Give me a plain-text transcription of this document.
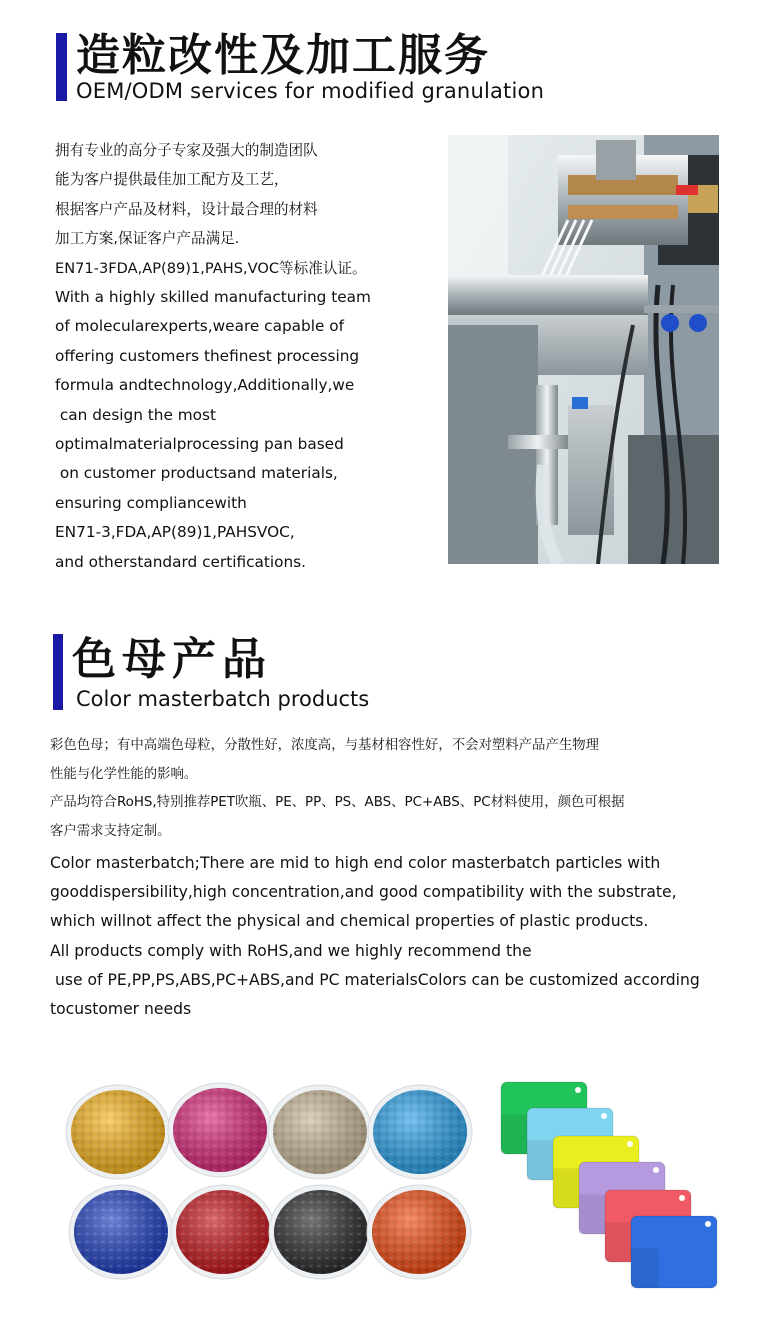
造粒改性及加工服务
OEM/ODM services for modified granulation
拥有专业的高分子专家及强大的制造团队
能为客户提供最佳加工配方及工艺，
根据客户产品及材料，设计最合理的材料
加工方案,保证客户产品满足.
EN71-3FDA,AP(89)1,PAHS,VOC等标准认证。
With a highly skilled manufacturing team
of molecularexperts,weare capable of
offering customers thefinest processing
formula andtechnology,Additionally,we
can design the most
optimalmaterialprocessing pan based
on customer productsand materials,
ensuring compliancewith
EN71-3,FDA,AP(89)1,PAHSVOC,
and otherstandard certifications.
色母产品
Color masterbatch products
彩色色母；有中高端色母粒，分散性好，浓度高，与基材相容性好，不会对塑料产品产生物理
性能与化学性能的影响。
产品均符合RoHS,特别推荐PET吹瓶、PE、PP、PS、ABS、PC+ABS、PC材料使用，颜色可根据
客户需求支持定制。
Color masterbatch;There are mid to high end color masterbatch particles with
gooddispersibility,high concentration,and good compatibility with the substrate,
which willnot affect the physical and chemical properties of plastic products.
All products comply with RoHS,and we highly recommend the
use of PE,PP,PS,ABS,PC+ABS,and PC materialsColors can be customized according
tocustomer needs
